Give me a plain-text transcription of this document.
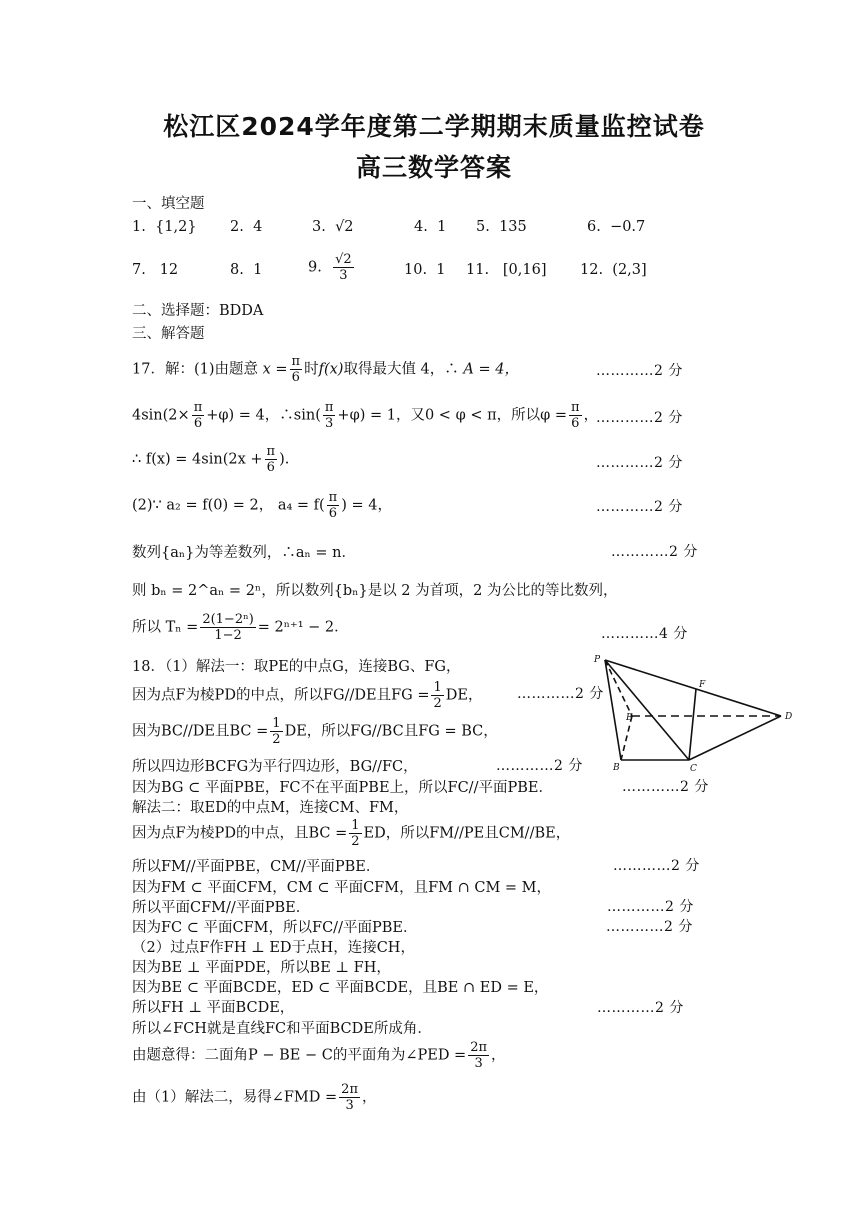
松江区2024学年度第二学期期末质量监控试卷
高三数学答案
一、填空题
1. {1,2} 2. 4	3. √2	4. 1 5. 135	6. −0.7
7. 12	8. 1	9. $\frac{√2}{3}$	10. 1 11. [0,16] 12. (2,3]
二、选择题：BDDA
三、解答题
17．解：(1)由题意 $x = \frac{\pi}{6}$ 时f(x)取得最大值 4，∴ A = 4，	…………2 分
$4\sin(2\times \frac{\pi}{6} +\varphi) = 4$，∴sin( $\frac{\pi}{3} +\varphi) = 1$，又0 < φ < π，所以$\varphi = \frac{\pi}{6}$ ，
…………2 分
∴ $f(x) = 4\sin(2x + \frac{\pi}{6}$ ).	…………2 分
(2)∵ a₂ = f(0) = 2， $a_4 = f( \frac{\pi}{6}$ ) = 4，	…………2 分
数列{aₙ}为等差数列，∴aₙ = n．	…………2 分
则 bₙ = 2^aₙ = 2ⁿ，所以数列{bₙ}是以 2 为首项，2 为公比的等比数列，
所以 $T_n = \frac{\text{2(1−2ⁿ)}}{1-2} = 2^{n+1} - 2$．	…………4 分
18．（1）解法一：取PE的中点G，连接BG、FG，
因为点F为棱PD的中点，所以FG//DE且FG = $\frac{1}{2}$ DE， …………2 分
因为BC//DE且BC = $\frac{1}{2}$ DE，所以FG//BC且FG = BC，
所以四边形BCFG为平行四边形，BG//FC，	…………2 分
因为BG ⊂ 平面PBE，FC不在平面PBE上，所以FC//平面PBE．	…………2 分
解法二：取ED的中点M，连接CM、FM，
因为点F为棱PD的中点，且BC = $\frac{1}{2}$ ED，所以FM//PE且CM//BE，
所以FM//平面PBE，CM//平面PBE．	…………2 分
因为FM ⊂ 平面CFM，CM ⊂ 平面CFM，且FM ∩ CM = M，
所以平面CFM//平面PBE．	…………2 分
因为FC ⊂ 平面CFM，所以FC//平面PBE．	…………2 分
（2）过点F作FH ⊥ ED于点H，连接CH，
因为BE ⊥ 平面PDE，所以BE ⊥ FH，
因为BE ⊂ 平面BCDE，ED ⊂ 平面BCDE，且BE ∩ ED = E，
所以FH ⊥ 平面BCDE，	…………2 分
所以∠FCH就是直线FC和平面BCDE所成角．
由题意得：二面角P − BE − C的平面角为∠PED = $\frac{2\pi}{3}$ ，
由（1）解法二，易得∠FMD = $\frac{2\pi}{3}$ ，
P
F
E	D
B	C
